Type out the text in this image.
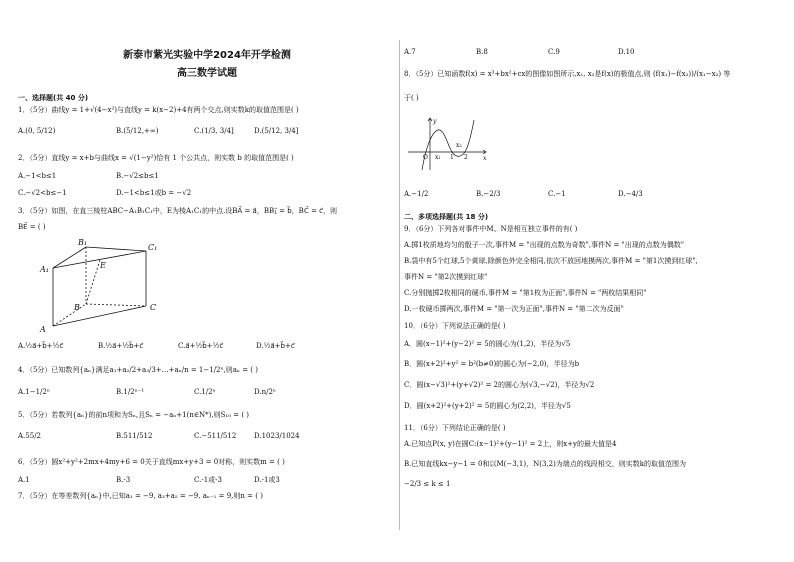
新泰市紫光实验中学2024年开学检测
高三数学试题
一、选择题(共 40 分)
1．（5分）曲线y = 1+√(4−x²)与直线y = k(x−2)+4有两个交点,则实数k的取值范围是( )
A.(0, 5/12)	B.(5/12,+∞)	C.(1/3, 3/4]	D.(5/12, 3/4]
2．（5分）直线y = x+b与曲线x = √(1−y²)恰有 1 个公共点，则实数 b 的取值范围是( )
A.−1<b≤1	B.−√2≤b≤1
C.−√2<b≤−1	D.−1<b≤1或b = −√2
3．（5分）如图，在直三棱柱ABC−A₁B₁C₁中，E为棱A₁C₁的中点.设BA⃗ = a⃗，BB₁⃗ = b⃗，BC⃗ = c⃗，则
BE⃗ = ( )
A₁
B₁
C₁
E
A
B	C
A.½a⃗+b⃗+½c⃗	B.½a⃗+½b⃗+c⃗	C.a⃗+½b⃗+½c⃗	D.½a⃗+b⃗+c⃗
4．（5分）已知数列{aₙ}满足a₁+a₂/2+a₃/3+…+aₙ/n = 1−1/2ⁿ,则aₙ = ( )
A.1−1/2ⁿ	B.1/2ⁿ⁻¹	C.1/2ⁿ	D.n/2ⁿ
5．（5分）若数列{aₙ}的前n项和为Sₙ,且Sₙ = −aₙ+1(n∈N*),则S₁₀ = ( )
A.55/2	B.511/512	C.−511/512	D.1023/1024
6．（5分）圆x²+y²+2mx+4my+6 = 0关于直线mx+y+3 = 0对称，则实数m = ( )
A.1	B.-3	C.-1或-3	D.-1或3
7．（5分）在等差数列{aₙ}中,已知a₁ = −9, a₃+a₅ = −9, aₙ₋₁ = 9,则n = ( )
A.7	B.8	C.9	D.10
8．（5分）已知函数f(x) = x³+bx²+cx的图像如图所示,x₁, x₂是f(x)的极值点,则 (f(x₁)−f(x₂))/(x₁−x₂) 等
于( )
O x₁ 1 2
x₂
x
y
A.−1/2	B.−2/3	C.−1	D.−4/3
二、多项选择题(共 18 分)
9．（6分）下列各对事件中M、N是相互独立事件的有( )
A.掷1枚质地均匀的骰子一次,事件M = "出现的点数为奇数",事件N = "出现的点数为偶数"
B.袋中有5个红球,5个黄球,除颜色外完全相同,依次不放回地摸两次,事件M = "第1次摸到红球",
事件N = "第2次摸到红球"
C.分别抛掷2枚相同的硬币,事件M = "第1枚为正面",事件N = "两枚结果相同"
D.一枚硬币掷两次,事件M = "第一次为正面",事件N = "第二次为反面"
10．（6分）下列说法正确的是( )
A．圆(x−1)²+(y−2)² = 5的圆心为(1,2)，半径为√5
B．圆(x+2)²+y² = b²(b≠0)的圆心为(−2,0)，半径为b
C．圆(x−√3)²+(y+√2)² = 2的圆心为(√3,−√2)，半径为√2
D．圆(x+2)²+(y+2)² = 5的圆心为(2,2)，半径为√5
11．（6分）下列结论正确的是( )
A.已知点P(x, y)在圆C:(x−1)²+(y−1)² = 2上，则x+y的最大值是4
B.已知直线kx−y−1 = 0和以M(−3,1)，N(3,2)为端点的线段相交，则实数k的取值范围为
−2/3 ≤ k ≤ 1
